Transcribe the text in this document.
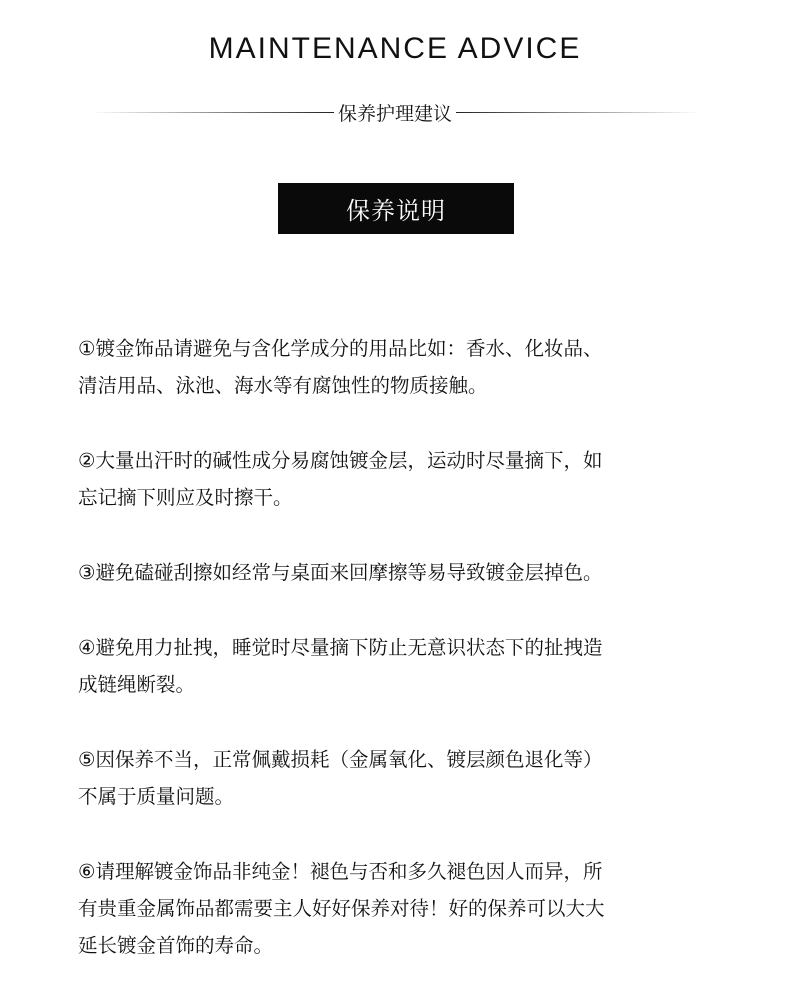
MAINTENANCE ADVICE
保养护理建议
保养说明
①镀金饰品请避免与含化学成分的用品比如：香水、化妆品、
清洁用品、泳池、海水等有腐蚀性的物质接触。
②大量出汗时的碱性成分易腐蚀镀金层，运动时尽量摘下，如
忘记摘下则应及时擦干。
③避免磕碰刮擦如经常与桌面来回摩擦等易导致镀金层掉色。
④避免用力扯拽，睡觉时尽量摘下防止无意识状态下的扯拽造
成链绳断裂。
⑤因保养不当，正常佩戴损耗（金属氧化、镀层颜色退化等）
不属于质量问题。
⑥请理解镀金饰品非纯金！褪色与否和多久褪色因人而异，所
有贵重金属饰品都需要主人好好保养对待！好的保养可以大大
延长镀金首饰的寿命。
